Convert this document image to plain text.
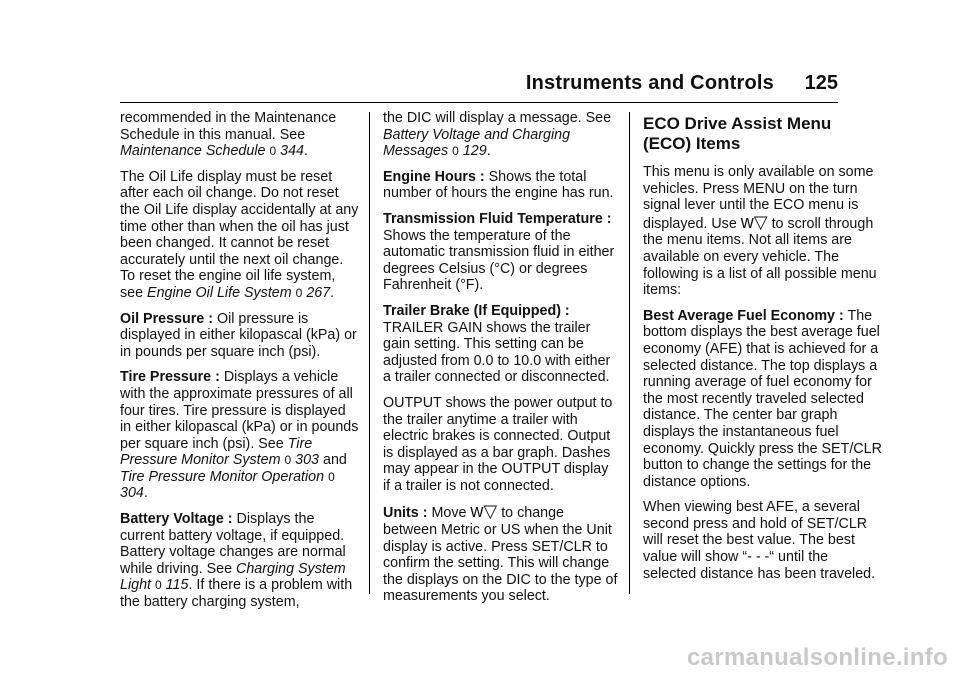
Instruments and Controls 125

recommended in the Maintenance Schedule in this manual. See Maintenance Schedule 0 344.

The Oil Life display must be reset after each oil change. Do not reset the Oil Life display accidentally at any time other than when the oil has just been changed. It cannot be reset accurately until the next oil change. To reset the engine oil life system, see Engine Oil Life System 0 267.

Oil Pressure : Oil pressure is displayed in either kilopascal (kPa) or in pounds per square inch (psi).

Tire Pressure : Displays a vehicle with the approximate pressures of all four tires. Tire pressure is displayed in either kilopascal (kPa) or in pounds per square inch (psi). See Tire Pressure Monitor System 0 303 and Tire Pressure Monitor Operation 0 304.

Battery Voltage : Displays the current battery voltage, if equipped. Battery voltage changes are normal while driving. See Charging System Light 0 115. If there is a problem with the battery charging system,

the DIC will display a message. See Battery Voltage and Charging Messages 0 129.

Engine Hours : Shows the total number of hours the engine has run.

Transmission Fluid Temperature : Shows the temperature of the automatic transmission fluid in either degrees Celsius (°C) or degrees Fahrenheit (°F).

Trailer Brake (If Equipped) : TRAILER GAIN shows the trailer gain setting. This setting can be adjusted from 0.0 to 10.0 with either a trailer connected or disconnected.

OUTPUT shows the power output to the trailer anytime a trailer with electric brakes is connected. Output is displayed as a bar graph. Dashes may appear in the OUTPUT display if a trailer is not connected.

Units : Move w▽ to change between Metric or US when the Unit display is active. Press SET/CLR to confirm the setting. This will change the displays on the DIC to the type of measurements you select.

ECO Drive Assist Menu (ECO) Items

This menu is only available on some vehicles. Press MENU on the turn signal lever until the ECO menu is displayed. Use w▽ to scroll through the menu items. Not all items are available on every vehicle. The following is a list of all possible menu items:

Best Average Fuel Economy : The bottom displays the best average fuel economy (AFE) that is achieved for a selected distance. The top displays a running average of fuel economy for the most recently traveled selected distance. The center bar graph displays the instantaneous fuel economy. Quickly press the SET/CLR button to change the settings for the distance options.

When viewing best AFE, a several second press and hold of SET/CLR will reset the best value. The best value will show “- - -“ until the selected distance has been traveled.

carmanualsonline.info
